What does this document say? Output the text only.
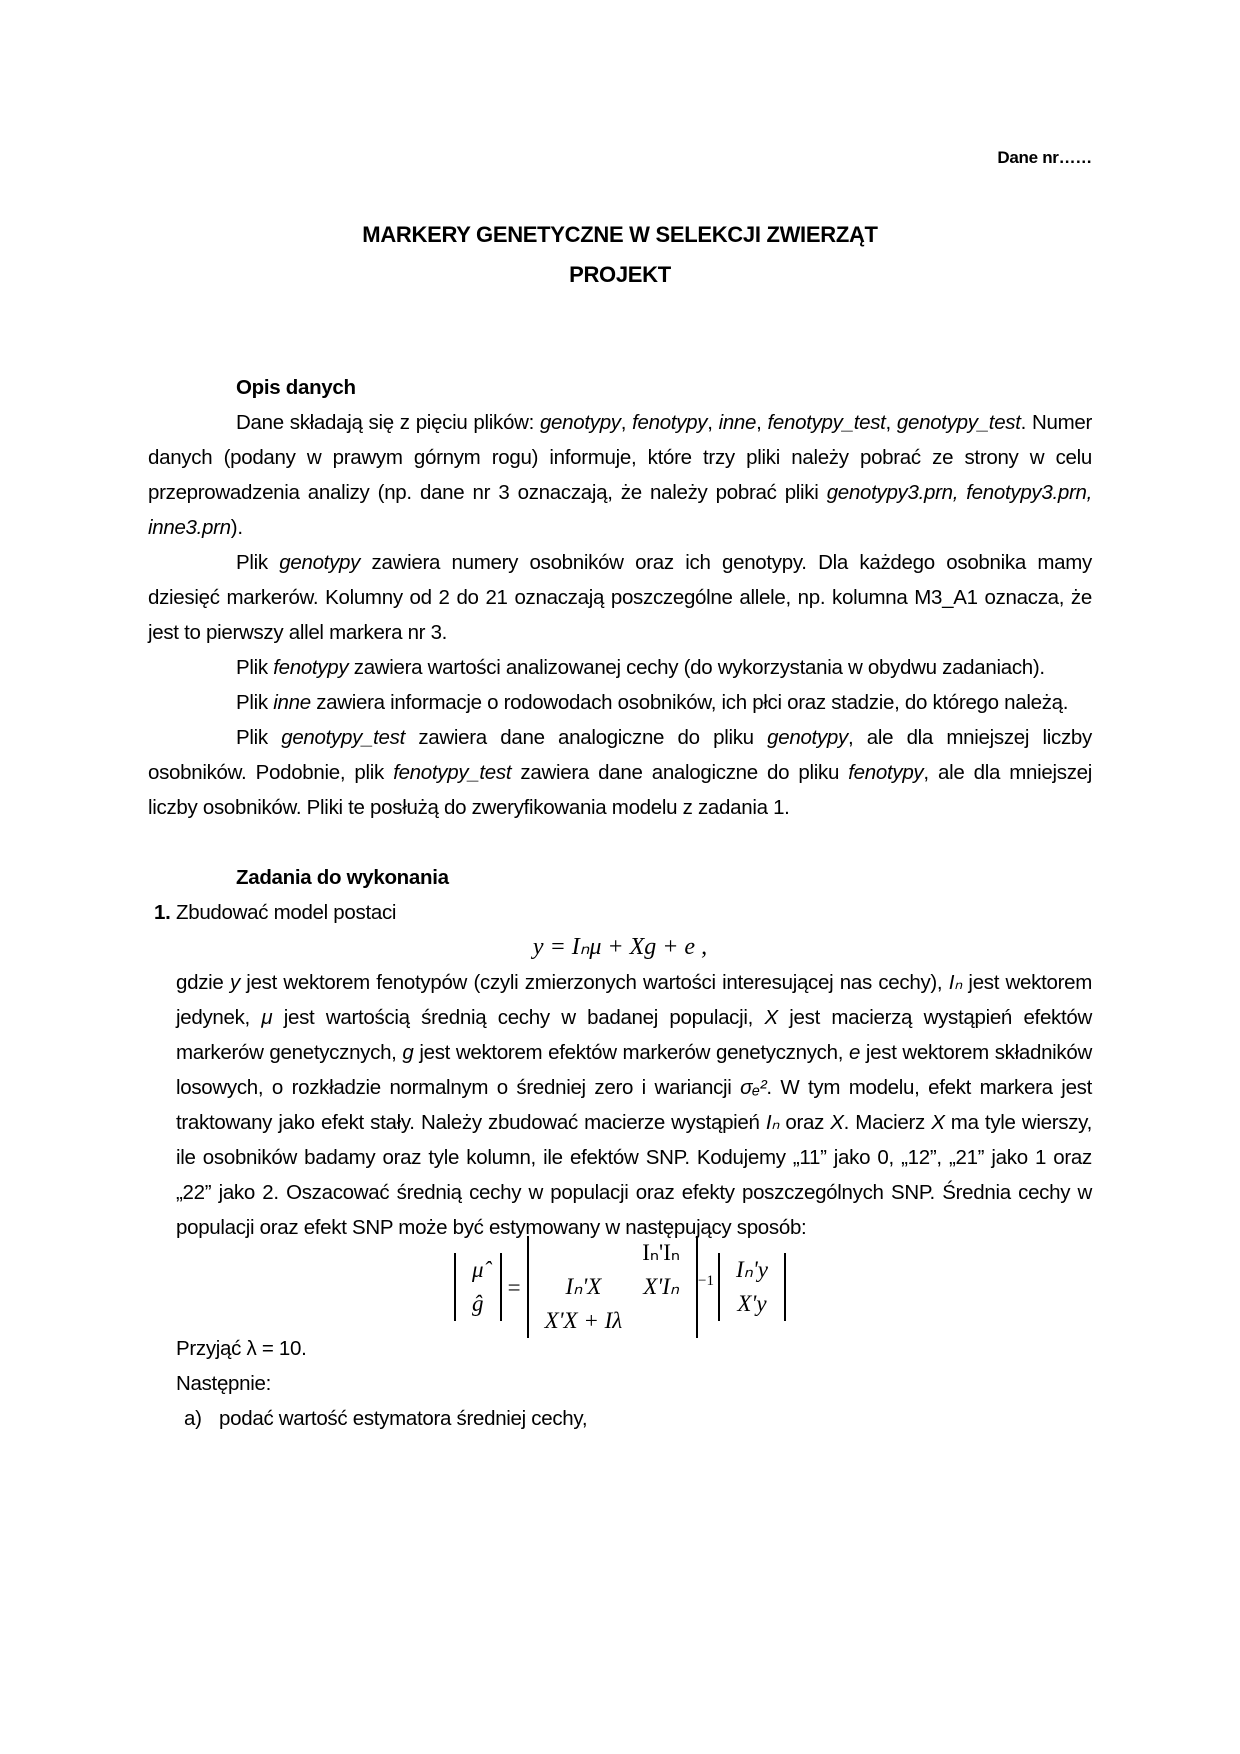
Dane nr……
MARKERY GENETYCZNE W SELEKCJI ZWIERZĄT
PROJEKT
Opis danych

Dane składają się z pięciu plików: genotypy, fenotypy, inne, fenotypy_test, genotypy_test. Numer danych (podany w prawym górnym rogu) informuje, które trzy pliki należy pobrać ze strony w celu przeprowadzenia analizy (np. dane nr 3 oznaczają, że należy pobrać pliki genotypy3.prn, fenotypy3.prn, inne3.prn).

Plik genotypy zawiera numery osobników oraz ich genotypy. Dla każdego osobnika mamy dziesięć markerów. Kolumny od 2 do 21 oznaczają poszczególne allele, np. kolumna M3_A1 oznacza, że jest to pierwszy allel markera nr 3.

Plik fenotypy zawiera wartości analizowanej cechy (do wykorzystania w obydwu zadaniach).

Plik inne zawiera informacje o rodowodach osobników, ich płci oraz stadzie, do którego należą.

Plik genotypy_test zawiera dane analogiczne do pliku genotypy, ale dla mniejszej liczby osobników. Podobnie, plik fenotypy_test zawiera dane analogiczne do pliku fenotypy, ale dla mniejszej liczby osobników. Pliki te posłużą do zweryfikowania modelu z zadania 1.

Zadania do wykonania
1. Zbudować model postaci
y = Iₙμ + Xg + e ,

gdzie y jest wektorem fenotypów (czyli zmierzonych wartości interesującej nas cechy), Iₙ jest wektorem jedynek, μ jest wartością średnią cechy w badanej populacji, X jest macierzą wystąpień efektów markerów genetycznych, g jest wektorem efektów markerów genetycznych, e jest wektorem składników losowych, o rozkładzie normalnym o średniej zero i wariancji σₑ². W tym modelu, efekt markera jest traktowany jako efekt stały. Należy zbudować macierze wystąpień Iₙ oraz X. Macierz X ma tyle wierszy, ile osobników badamy oraz tyle kolumn, ile efektów SNP. Kodujemy „11” jako 0, „12”, „21” jako 1 oraz „22” jako 2. Oszacować średnią cechy w populacji oraz efekty poszczególnych SNP. Średnia cechy w populacji oraz efekt SNP może być estymowany w następujący sposób:

μ̂
ĝ
=
Iₙ'Iₙ
Iₙ'X	X'Iₙ
X'X + Iλ
−1 Iₙ'y
X'y
Przyjąć λ = 10.
Następnie:
a) podać wartość estymatora średniej cechy,
